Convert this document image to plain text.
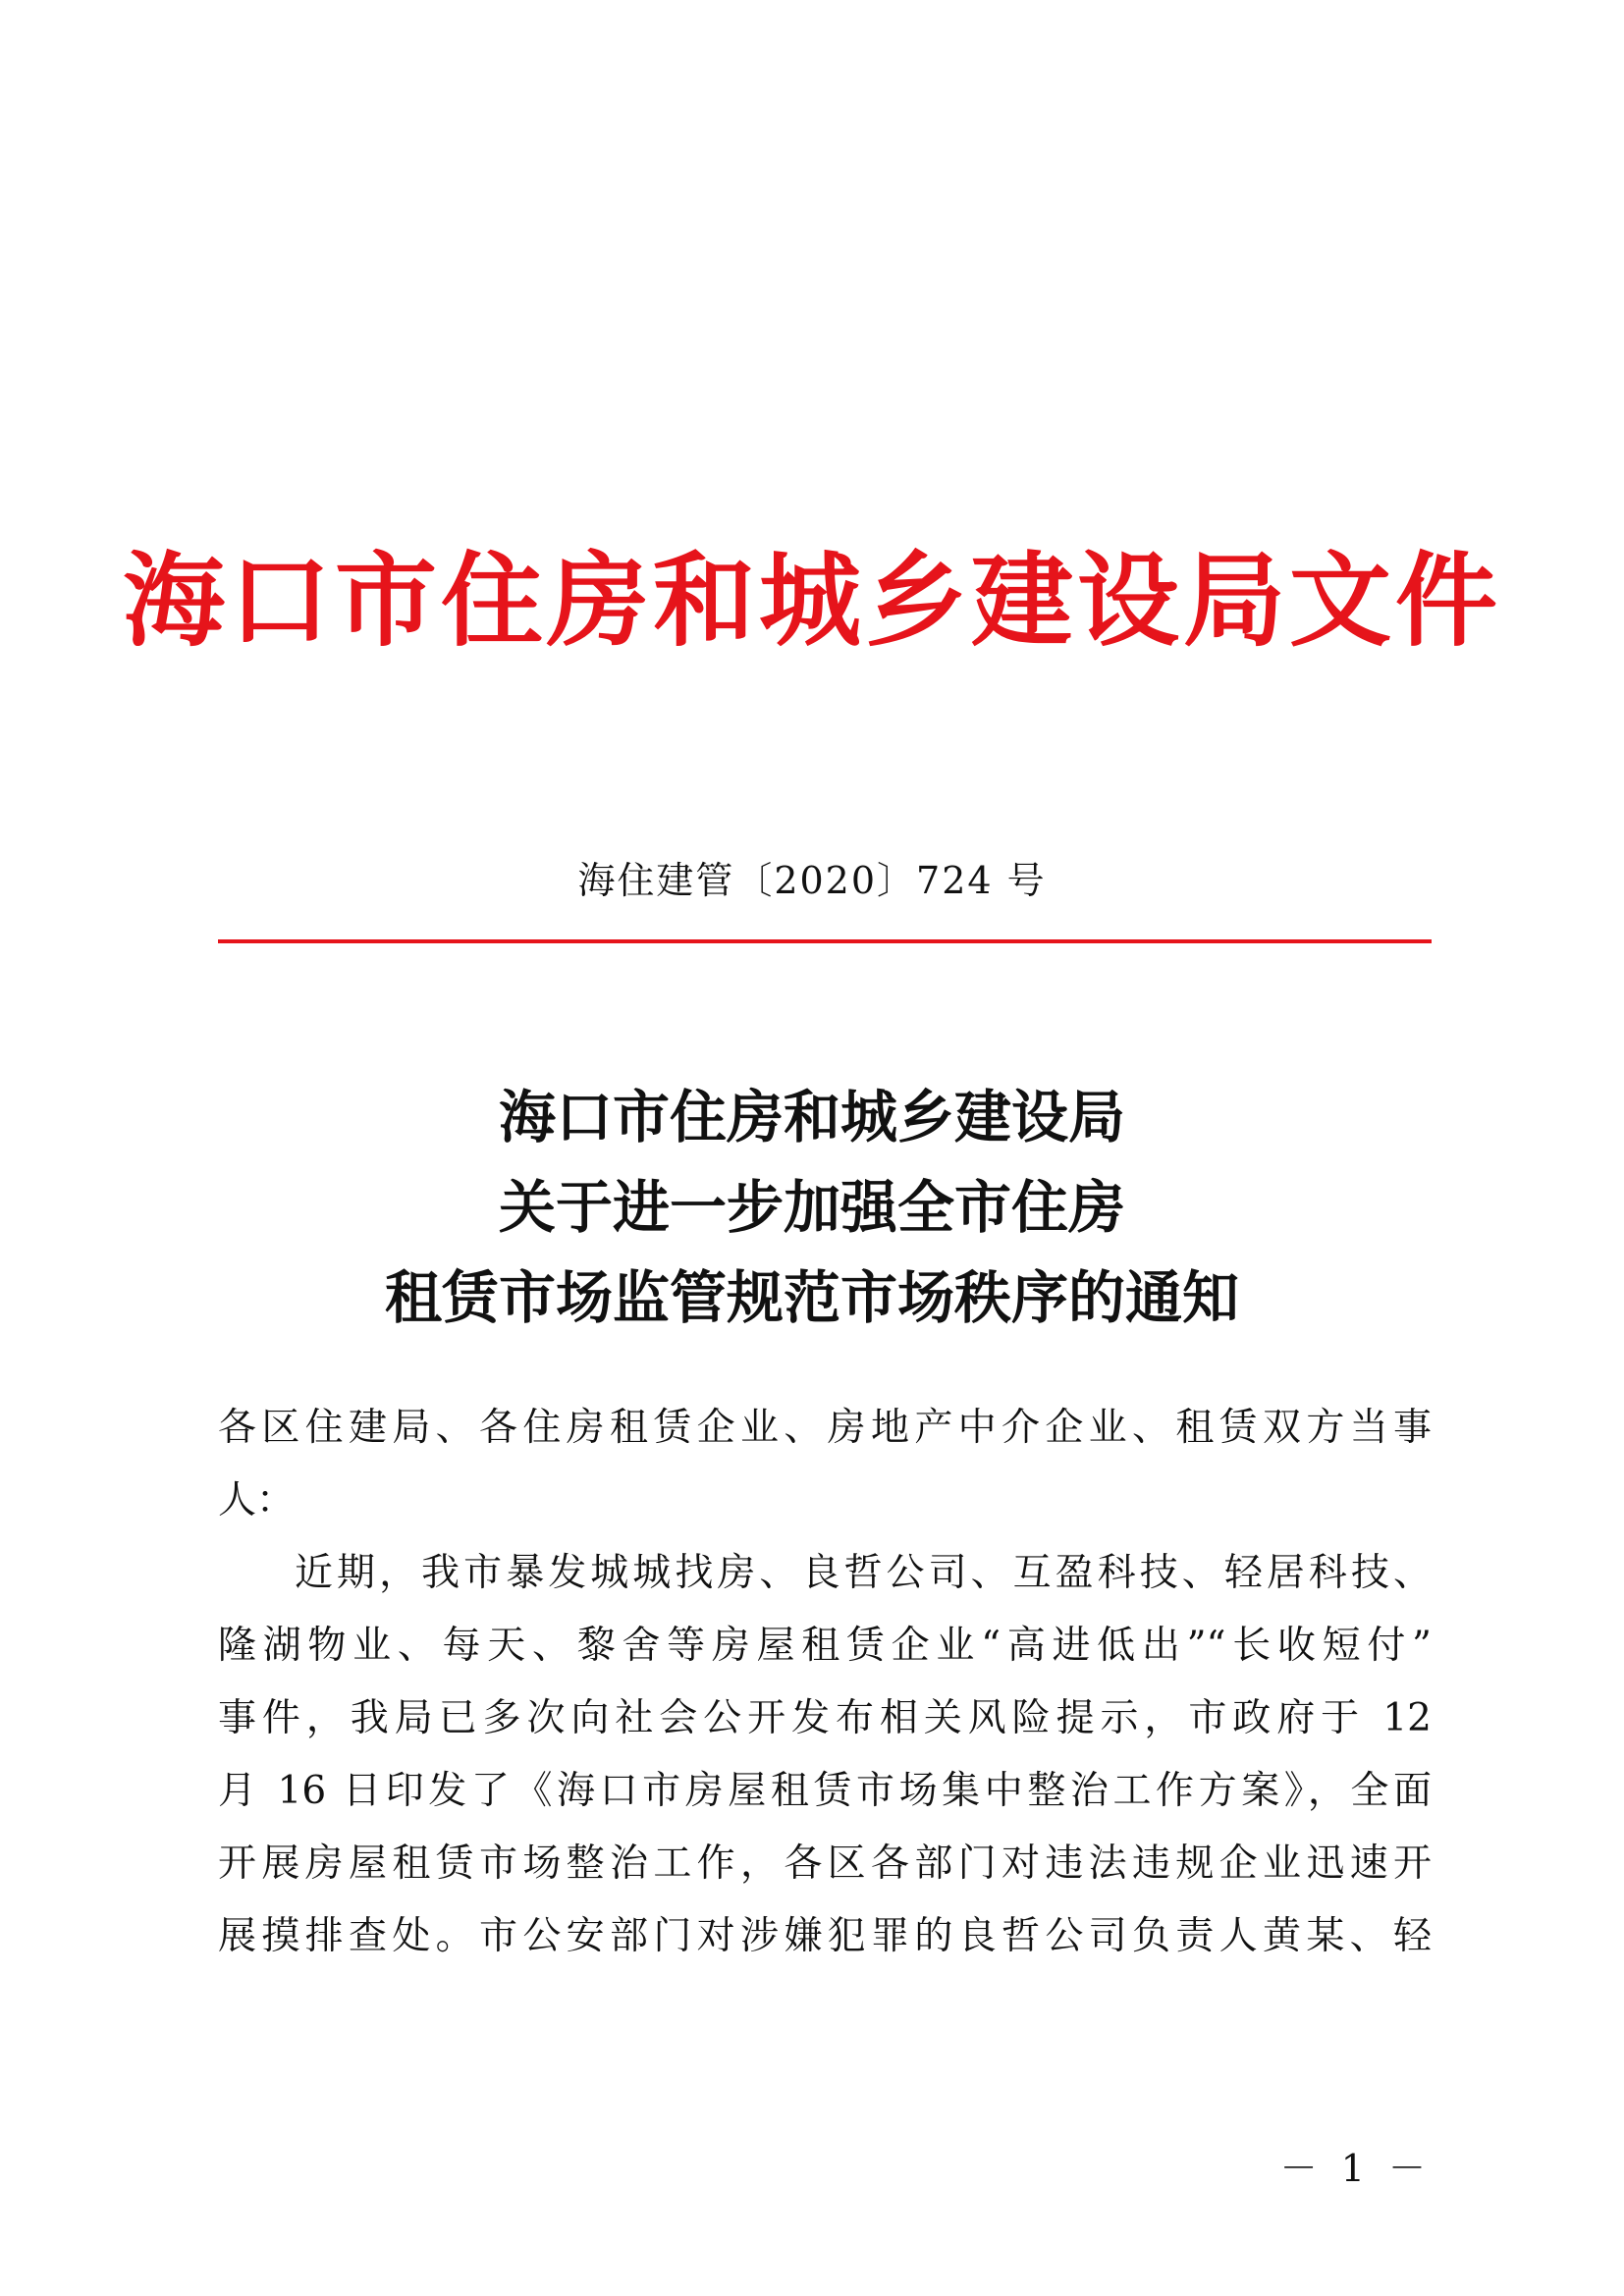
海口市住房和城乡建设局文件
海住建管〔2020〕724 号
海口市住房和城乡建设局
关于进一步加强全市住房
租赁市场监管规范市场秩序的通知
各区住建局、各住房租赁企业、房地产中介企业、租赁双方当事
人：
近期，我市暴发城城找房、良哲公司、互盈科技、轻居科技、
隆湖物业、每天、黎舍等房屋租赁企业“高进低出”“长收短付”
事件，我局已多次向社会公开发布相关风险提示，市政府于 12
月 16 日印发了《海口市房屋租赁市场集中整治工作方案》，全面
开展房屋租赁市场整治工作，各区各部门对违法违规企业迅速开
展摸排查处。市公安部门对涉嫌犯罪的良哲公司负责人黄某、轻
－ 1 －
